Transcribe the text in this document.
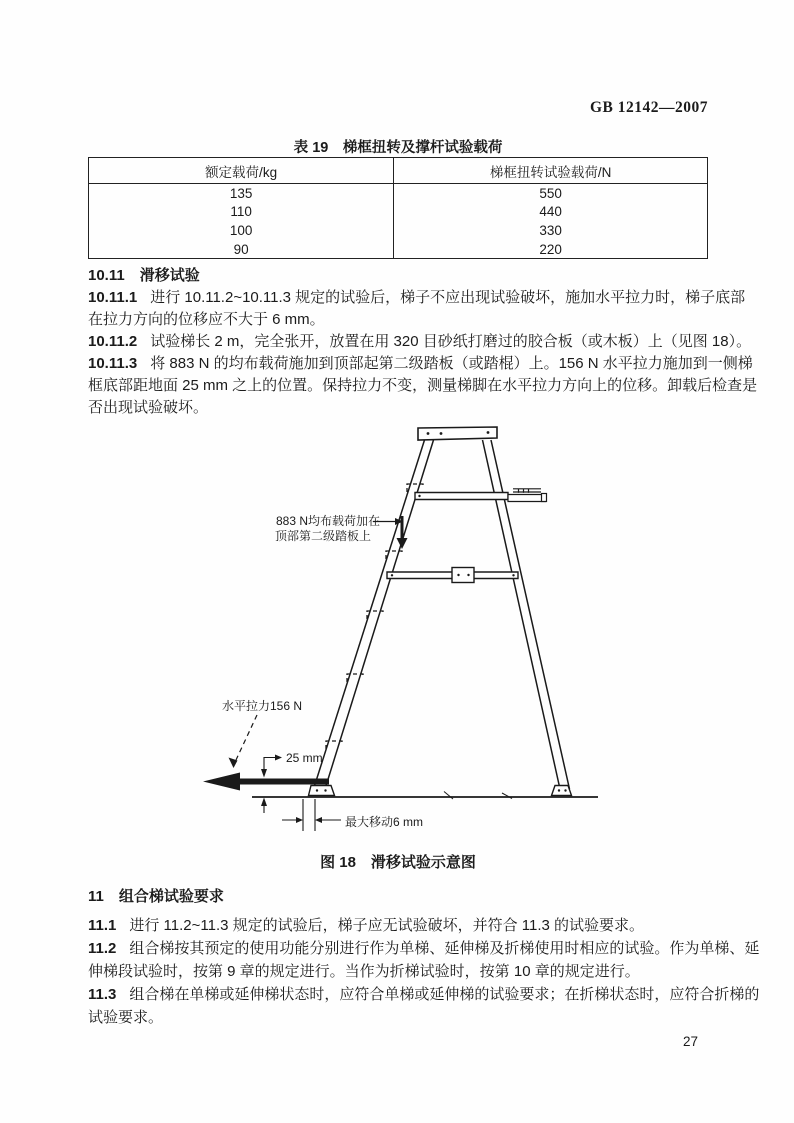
GB 12142—2007
表 19　梯框扭转及撑杆试验载荷
额定载荷/kg	梯框扭转试验载荷/N
135	550
110	440
100	330
90	220
10.11 滑移试验
10.11.1 进行 10.11.2~10.11.3 规定的试验后，梯子不应出现试验破坏，施加水平拉力时，梯子底部
在拉力方向的位移应不大于 6 mm。
10.11.2 试验梯长 2 m，完全张开，放置在用 320 目砂纸打磨过的胶合板（或木板）上（见图 18）。
10.11.3 将 883 N 的均布载荷施加到顶部起第二级踏板（或踏棍）上。156 N 水平拉力施加到一侧梯
框底部距地面 25 mm 之上的位置。保持拉力不变，测量梯脚在水平拉力方向上的位移。卸载后检查是
否出现试验破坏。
883 N均布载荷加在
顶部第二级踏板上
水平拉力156 N
25 mm
最大移动6 mm
图 18　滑移试验示意图
11 组合梯试验要求
11.1 进行 11.2~11.3 规定的试验后，梯子应无试验破坏，并符合 11.3 的试验要求。
11.2 组合梯按其预定的使用功能分别进行作为单梯、延伸梯及折梯使用时相应的试验。作为单梯、延
伸梯段试验时，按第 9 章的规定进行。当作为折梯试验时，按第 10 章的规定进行。
11.3 组合梯在单梯或延伸梯状态时，应符合单梯或延伸梯的试验要求；在折梯状态时，应符合折梯的
试验要求。
27
